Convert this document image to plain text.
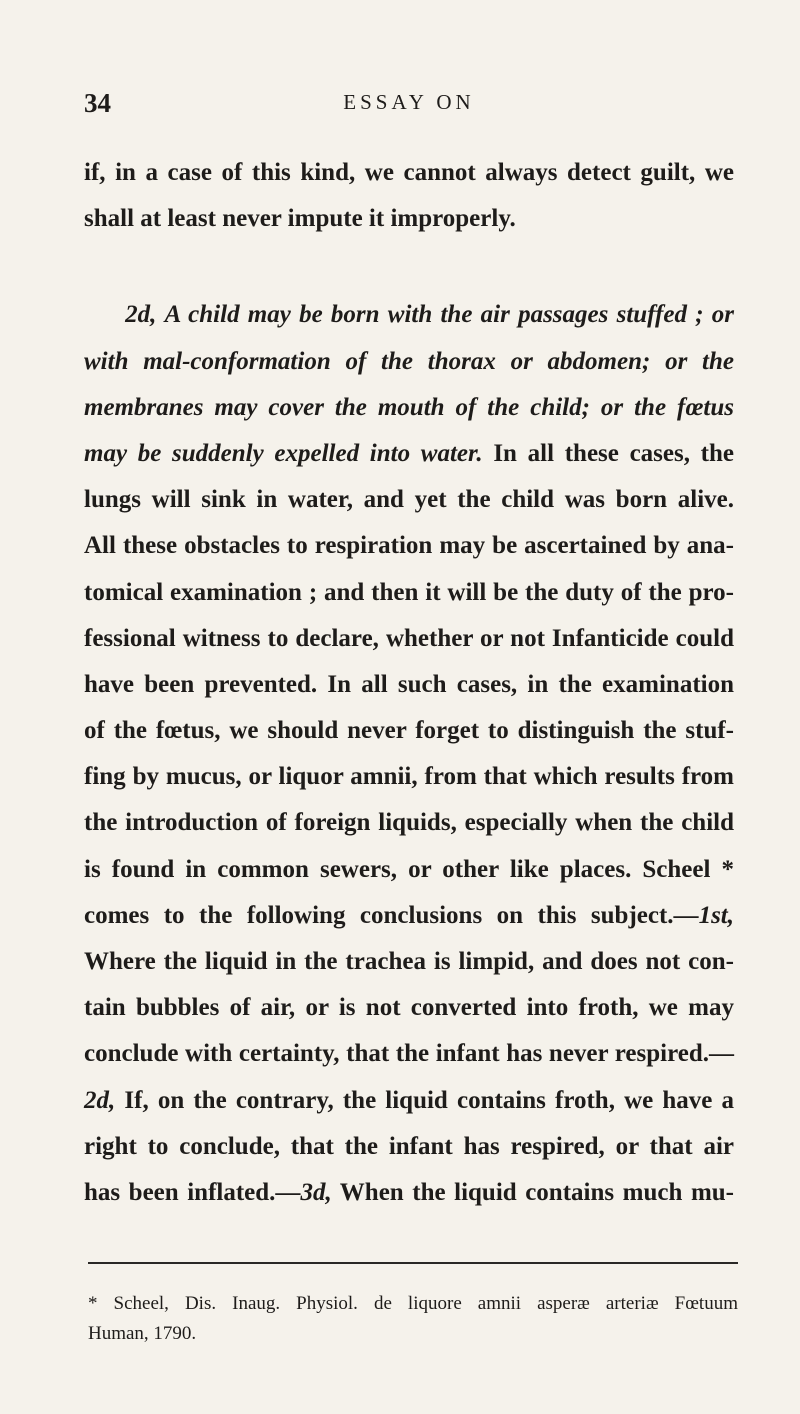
34	ESSAY ON
if, in a case of this kind, we cannot always detect guilt, we
shall at least never impute it improperly.
2d, A child may be born with the air passages stuffed ; or
with mal-conformation of the thorax or abdomen; or the
membranes may cover the mouth of the child; or the fœtus
may be suddenly expelled into water. In all these cases, the
lungs will sink in water, and yet the child was born alive.
All these obstacles to respiration may be ascertained by ana-
tomical examination ; and then it will be the duty of the pro-
fessional witness to declare, whether or not Infanticide could
have been prevented. In all such cases, in the examination
of the fœtus, we should never forget to distinguish the stuf-
fing by mucus, or liquor amnii, from that which results from
the introduction of foreign liquids, especially when the child
is found in common sewers, or other like places. Scheel *
comes to the following conclusions on this subject.—1st,
Where the liquid in the trachea is limpid, and does not con-
tain bubbles of air, or is not converted into froth, we may
conclude with certainty, that the infant has never respired.—
2d, If, on the contrary, the liquid contains froth, we have a
right to conclude, that the infant has respired, or that air
has been inflated.—3d, When the liquid contains much mu-
* Scheel, Dis. Inaug. Physiol. de liquore amnii asperæ arteriæ Fœtuum
Human, 1790.
